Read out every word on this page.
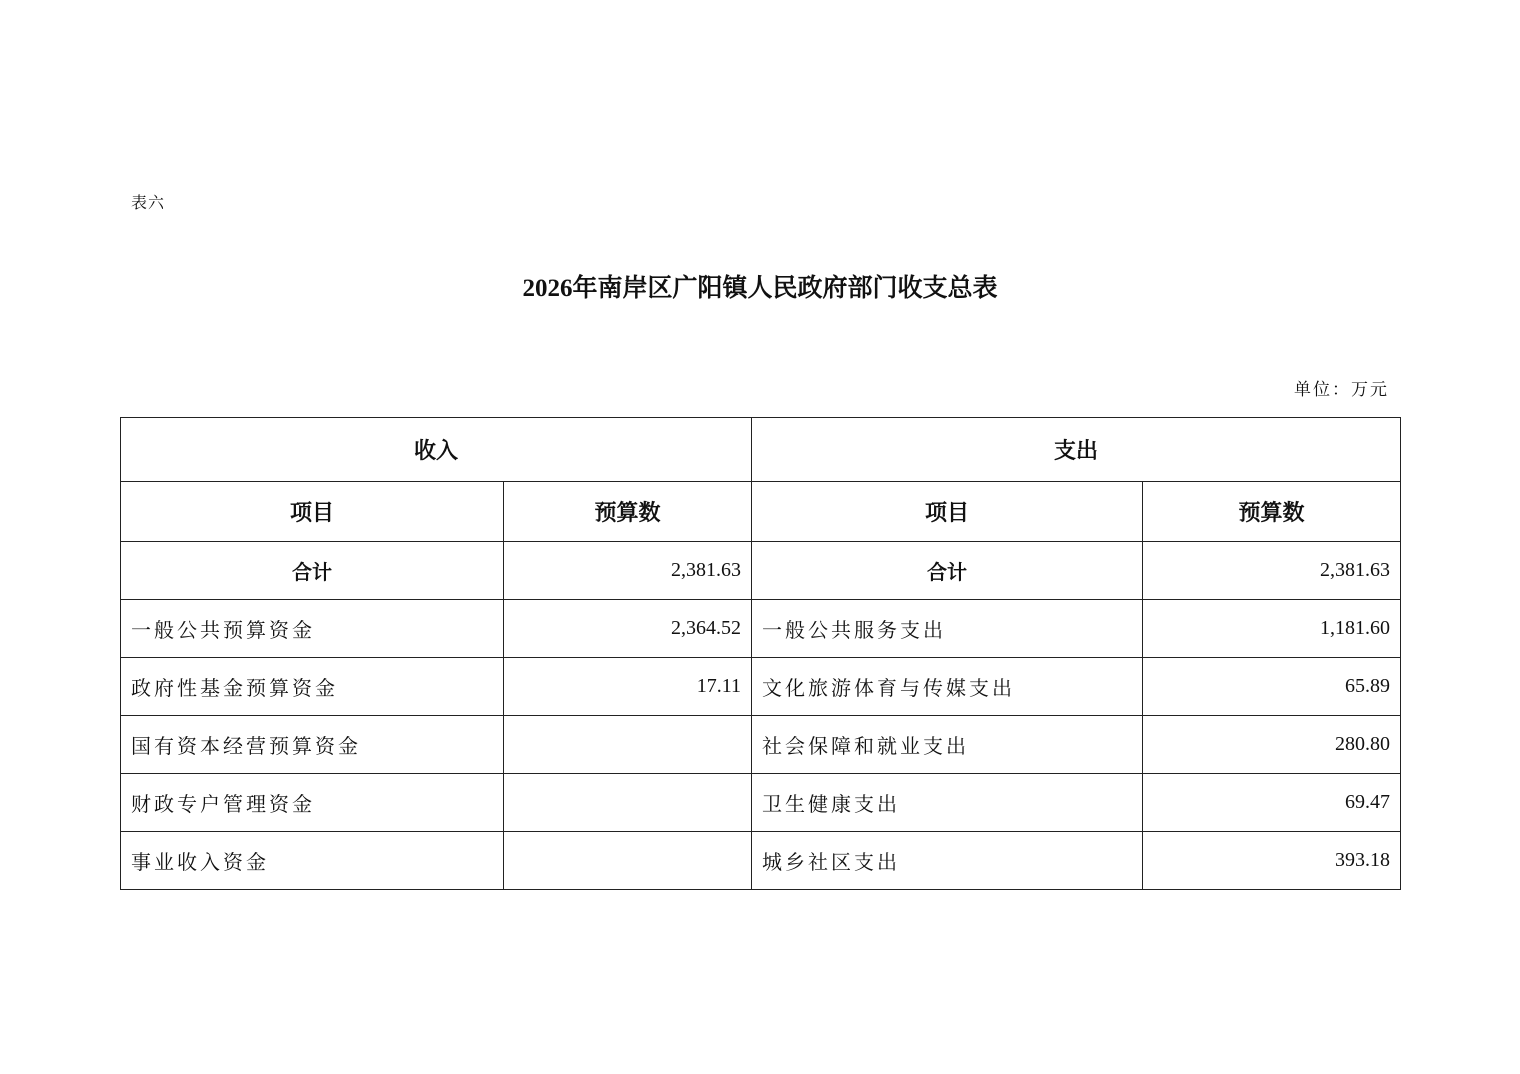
表六
2026年南岸区广阳镇人民政府部门收支总表
单位：万元
收入		支出	
项目	预算数	项目	预算数
合计	2,381.63	合计	2,381.63
一般公共预算资金	2,364.52	一般公共服务支出	1,181.60
政府性基金预算资金	17.11	文化旅游体育与传媒支出	65.89
国有资本经营预算资金		社会保障和就业支出	280.80
财政专户管理资金		卫生健康支出	69.47
事业收入资金		城乡社区支出	393.18
